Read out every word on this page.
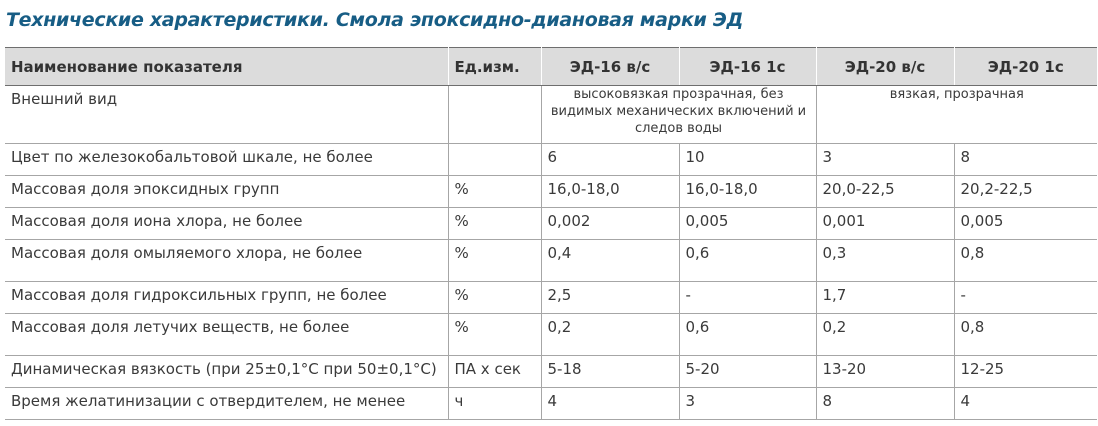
Технические характеристики. Смола эпоксидно-диановая марки ЭД
Наименование показателя	Ед.изм.	ЭД-16 в/с	ЭД-16 1с	ЭД-20 в/с	ЭД-20 1с
Внешний вид		высоковязкая прозрачная, без видимых механических включений и следов воды		вязкая, прозрачная	
Цвет по железокобальтовой шкале, не более		6	10	3	8
Массовая доля эпоксидных групп	%	16,0-18,0	16,0-18,0	20,0-22,5	20,2-22,5
Массовая доля иона хлора, не более	%	0,002	0,005	0,001	0,005
Массовая доля омыляемого хлора, не более	%	0,4	0,6	0,3	0,8
Массовая доля гидроксильных групп, не более	%	2,5	-	1,7	-
Массовая доля летучих веществ, не более	%	0,2	0,6	0,2	0,8
Динамическая вязкость (при 25±0,1°C при 50±0,1°C)	ПА х сек	5-18	5-20	13-20	12-25
Время желатинизации с отвердителем, не менее	ч	4	3	8	4
